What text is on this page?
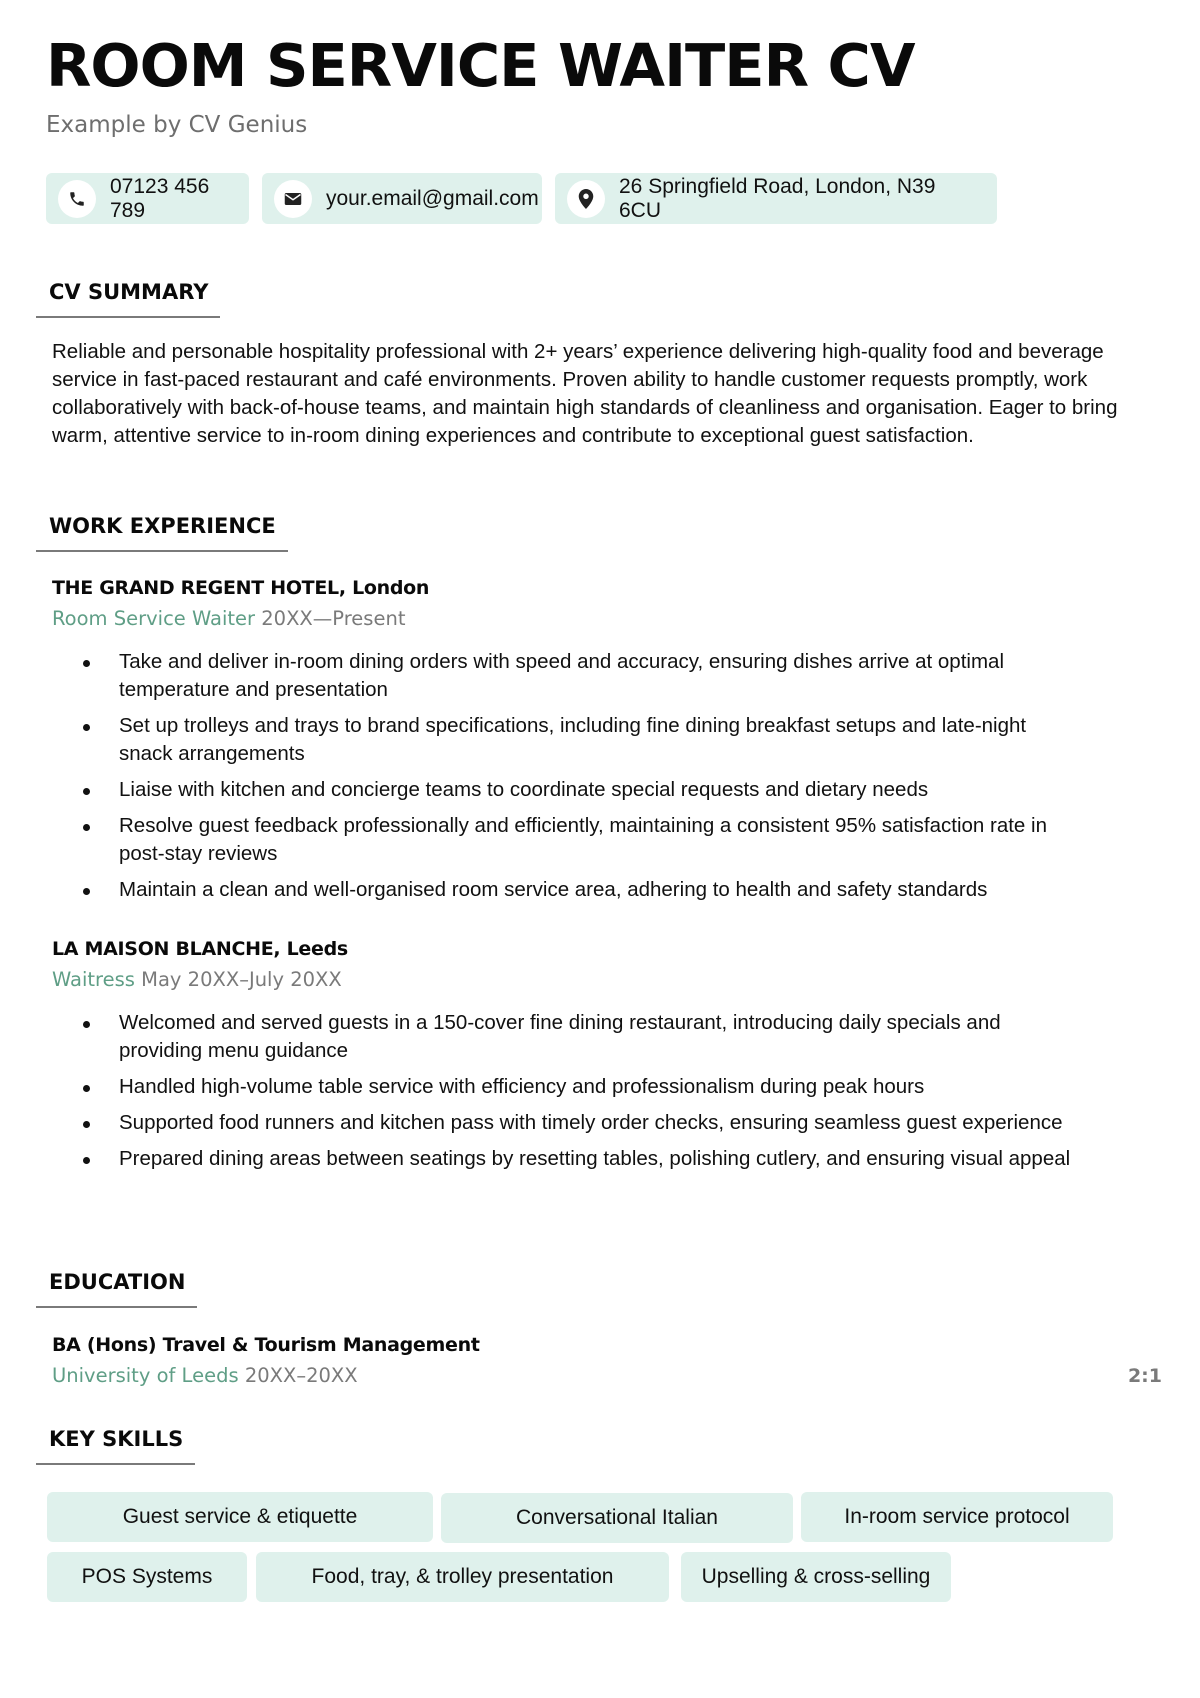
ROOM SERVICE WAITER CV
Example by CV Genius
07123 456 789
your.email@gmail.com
26 Springfield Road, London, N39 6CU
CV SUMMARY

Reliable and personable hospitality professional with 2+ years’ experience delivering high-quality food and beverage service in fast-paced restaurant and café environments. Proven ability to handle customer requests promptly, work collaboratively with back-of-house teams, and maintain high standards of cleanliness and organisation. Eager to bring warm, attentive service to in-room dining experiences and contribute to exceptional guest satisfaction.

WORK EXPERIENCE
THE GRAND REGENT HOTEL, London
Room Service Waiter 20XX—Present
Take and deliver in-room dining orders with speed and accuracy, ensuring dishes arrive at optimal temperature and presentation
Set up trolleys and trays to brand specifications, including fine dining breakfast setups and late-night snack arrangements
Liaise with kitchen and concierge teams to coordinate special requests and dietary needs
Resolve guest feedback professionally and efficiently, maintaining a consistent 95% satisfaction rate in post-stay reviews
Maintain a clean and well-organised room service area, adhering to health and safety standards
LA MAISON BLANCHE, Leeds
Waitress May 20XX–July 20XX
Welcomed and served guests in a 150-cover fine dining restaurant, introducing daily specials and providing menu guidance
Handled high-volume table service with efficiency and professionalism during peak hours
Supported food runners and kitchen pass with timely order checks, ensuring seamless guest experience
Prepared dining areas between seatings by resetting tables, polishing cutlery, and ensuring visual appeal
EDUCATION
BA (Hons) Travel & Tourism Management
University of Leeds 20XX–20XX	2:1
KEY SKILLS
Guest service & etiquette	Conversational Italian	In-room service protocol
POS Systems	Food, tray, & trolley presentation	Upselling & cross-selling
